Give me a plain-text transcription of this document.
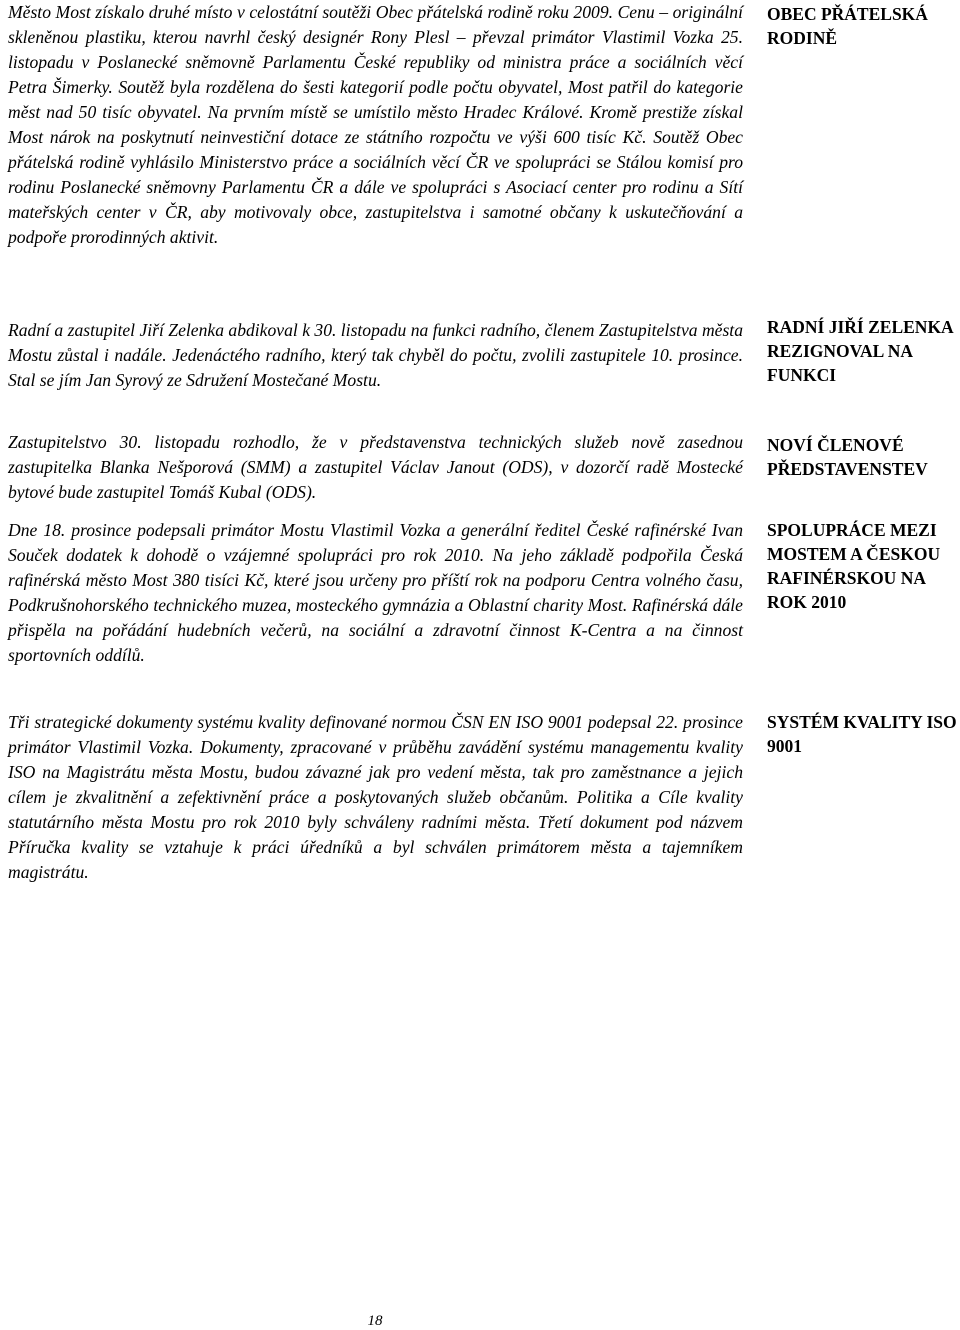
Město Most získalo druhé místo v celostátní soutěži Obec přátelská rodině roku 2009. Cenu – originální skleněnou plastiku, kterou navrhl český designér Rony Plesl – převzal primátor Vlastimil Vozka 25. listopadu v Poslanecké sněmovně Parlamentu České republiky od ministra práce a sociálních věcí Petra Šimerky. Soutěž byla rozdělena do šesti kategorií podle počtu obyvatel, Most patřil do kategorie měst nad 50 tisíc obyvatel. Na prvním místě se umístilo město Hradec Králové. Kromě prestiže získal Most nárok na poskytnutí neinvestiční dotace ze státního rozpočtu ve výši 600 tisíc Kč. Soutěž Obec přátelská rodině vyhlásilo Ministerstvo práce a sociálních věcí ČR ve spolupráci se Stálou komisí pro rodinu Poslanecké sněmovny Parlamentu ČR a dále ve spolupráci s Asociací center pro rodinu a Sítí mateřských center v ČR, aby motivovaly obce, zastupitelstva i samotné občany k uskutečňování a podpoře prorodinných aktivit.

Radní a zastupitel Jiří Zelenka abdikoval k 30. listopadu na funkci radního, členem Zastupitelstva města Mostu zůstal i nadále. Jedenáctého radního, který tak chyběl do počtu, zvolili zastupitele 10. prosince. Stal se jím Jan Syrový ze Sdružení Mostečané Mostu.

Zastupitelstvo 30. listopadu rozhodlo, že v představenstva technických služeb nově zasednou zastupitelka Blanka Nešporová (SMM) a zastupitel Václav Janout (ODS), v dozorčí radě Mostecké bytové bude zastupitel Tomáš Kubal (ODS).

Dne 18. prosince podepsali primátor Mostu Vlastimil Vozka a generální ředitel České rafinérské Ivan Souček dodatek k dohodě o vzájemné spolupráci pro rok 2010. Na jeho základě podpořila Česká rafinérská město Most 380 tisíci Kč, které jsou určeny pro příští rok na podporu Centra volného času, Podkrušnohorského technického muzea, mosteckého gymnázia a Oblastní charity Most. Rafinérská dále přispěla na pořádání hudebních večerů, na sociální a zdravotní činnost K-Centra a na činnost sportovních oddílů.

Tři strategické dokumenty systému kvality definované normou ČSN EN ISO 9001 podepsal 22. prosince primátor Vlastimil Vozka. Dokumenty, zpracované v průběhu zavádění systému managementu kvality ISO na Magistrátu města Mostu, budou závazné jak pro vedení města, tak pro zaměstnance a jejich cílem je zkvalitnění a zefektivnění práce a poskytovaných služeb občanům. Politika a Cíle kvality statutárního města Mostu pro rok 2010 byly schváleny radními města. Třetí dokument pod názvem Příručka kvality se vztahuje k práci úředníků a byl schválen primátorem města a tajemníkem magistrátu.

OBEC PŘÁTELSKÁ RODINĚ
RADNÍ JIŘÍ ZELENKA REZIGNOVAL NA FUNKCI
NOVÍ ČLENOVÉ PŘEDSTAVENSTEV
SPOLUPRÁCE MEZI MOSTEM A ČESKOU RAFINÉRSKOU NA ROK 2010
SYSTÉM KVALITY ISO 9001
18
